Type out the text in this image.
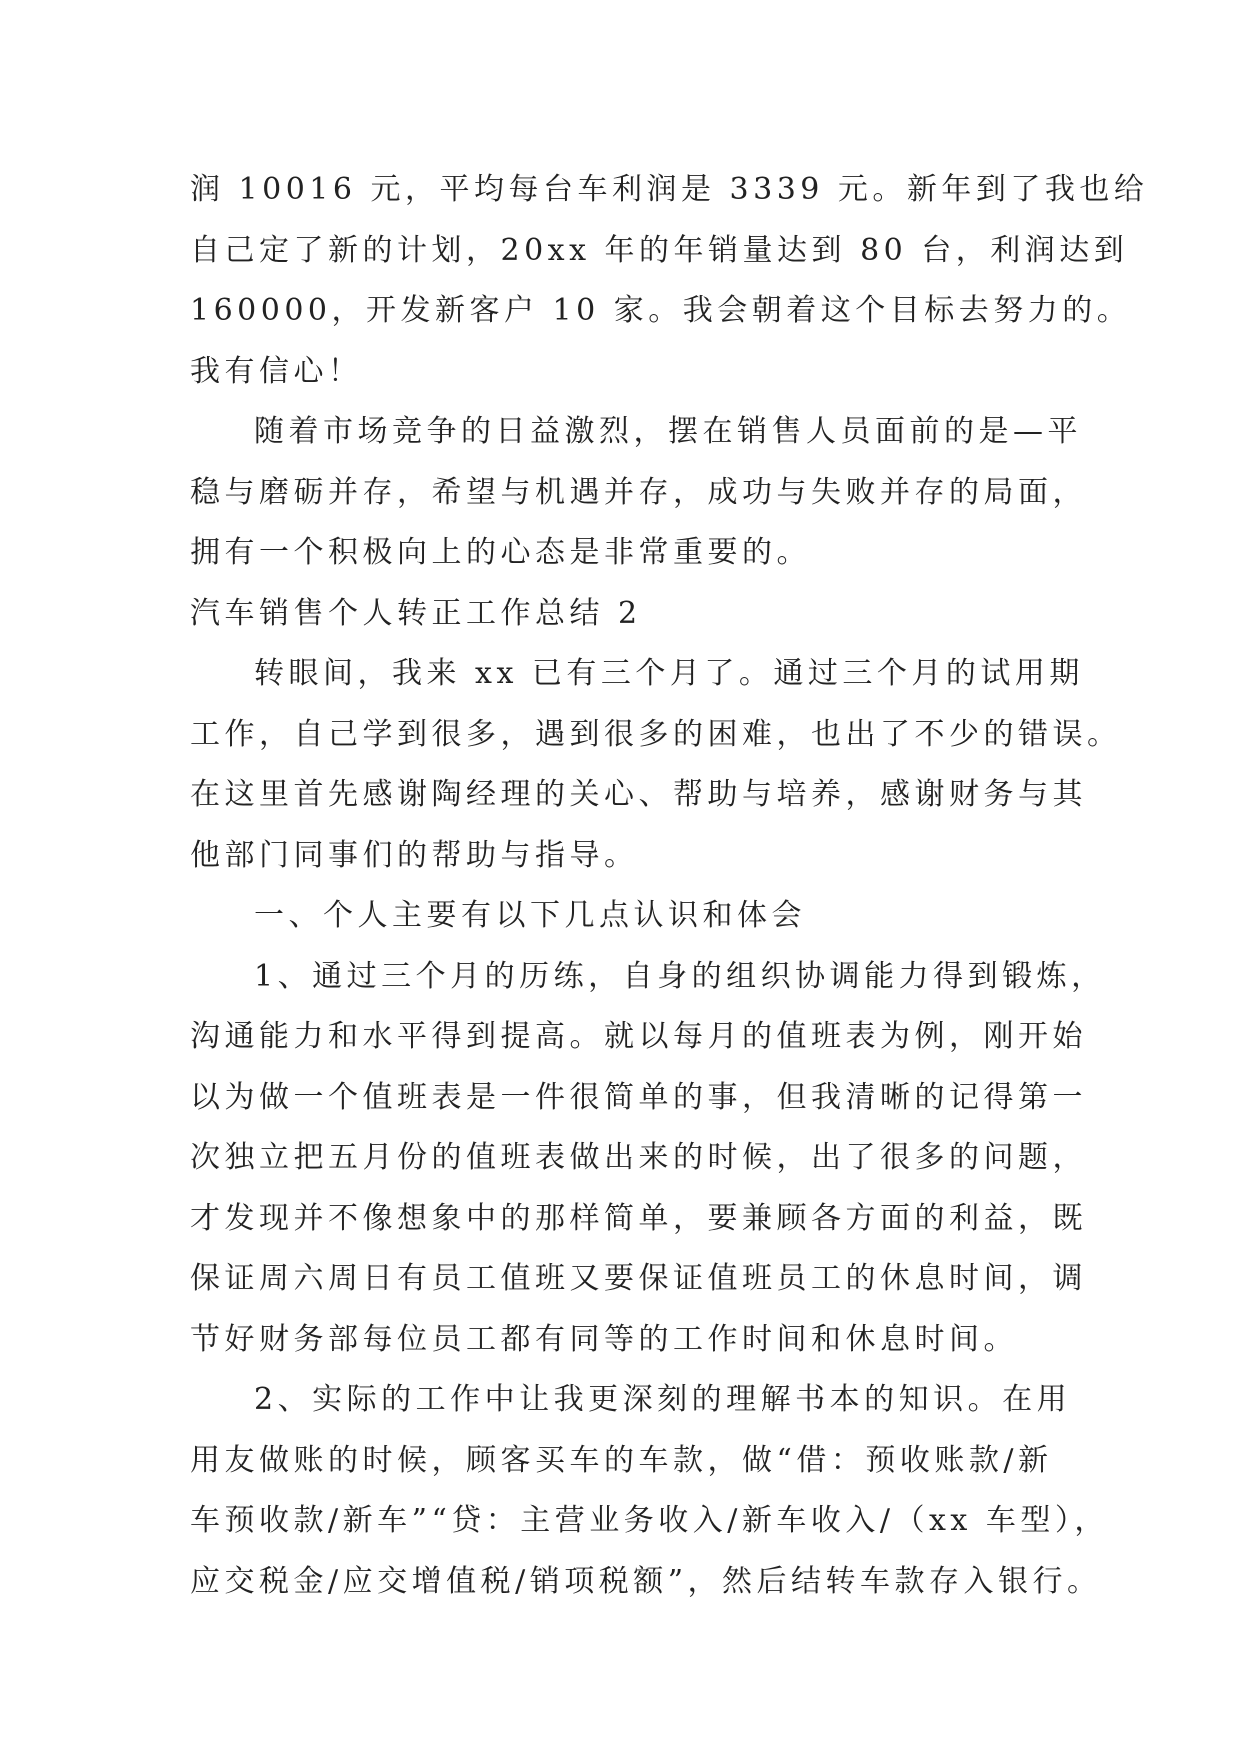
润 10016 元，平均每台车利润是 3339 元。新年到了我也给
自己定了新的计划，20xx 年的年销量达到 80 台，利润达到
160000，开发新客户 10 家。我会朝着这个目标去努力的。
我有信心！
随着市场竞争的日益激烈，摆在销售人员面前的是—平
稳与磨砺并存，希望与机遇并存，成功与失败并存的局面，
拥有一个积极向上的心态是非常重要的。
汽车销售个人转正工作总结 2
转眼间，我来 xx 已有三个月了。通过三个月的试用期
工作，自己学到很多，遇到很多的困难，也出了不少的错误。
在这里首先感谢陶经理的关心、帮助与培养，感谢财务与其
他部门同事们的帮助与指导。
一、个人主要有以下几点认识和体会
1、通过三个月的历练，自身的组织协调能力得到锻炼，
沟通能力和水平得到提高。就以每月的值班表为例，刚开始
以为做一个值班表是一件很简单的事，但我清晰的记得第一
次独立把五月份的值班表做出来的时候，出了很多的问题，
才发现并不像想象中的那样简单，要兼顾各方面的利益，既
保证周六周日有员工值班又要保证值班员工的休息时间，调
节好财务部每位员工都有同等的工作时间和休息时间。
2、实际的工作中让我更深刻的理解书本的知识。在用
用友做账的时候，顾客买车的车款，做“借：预收账款/新
车预收款/新车”“贷：主营业务收入/新车收入/（xx 车型），
应交税金/应交增值税/销项税额”，然后结转车款存入银行。
